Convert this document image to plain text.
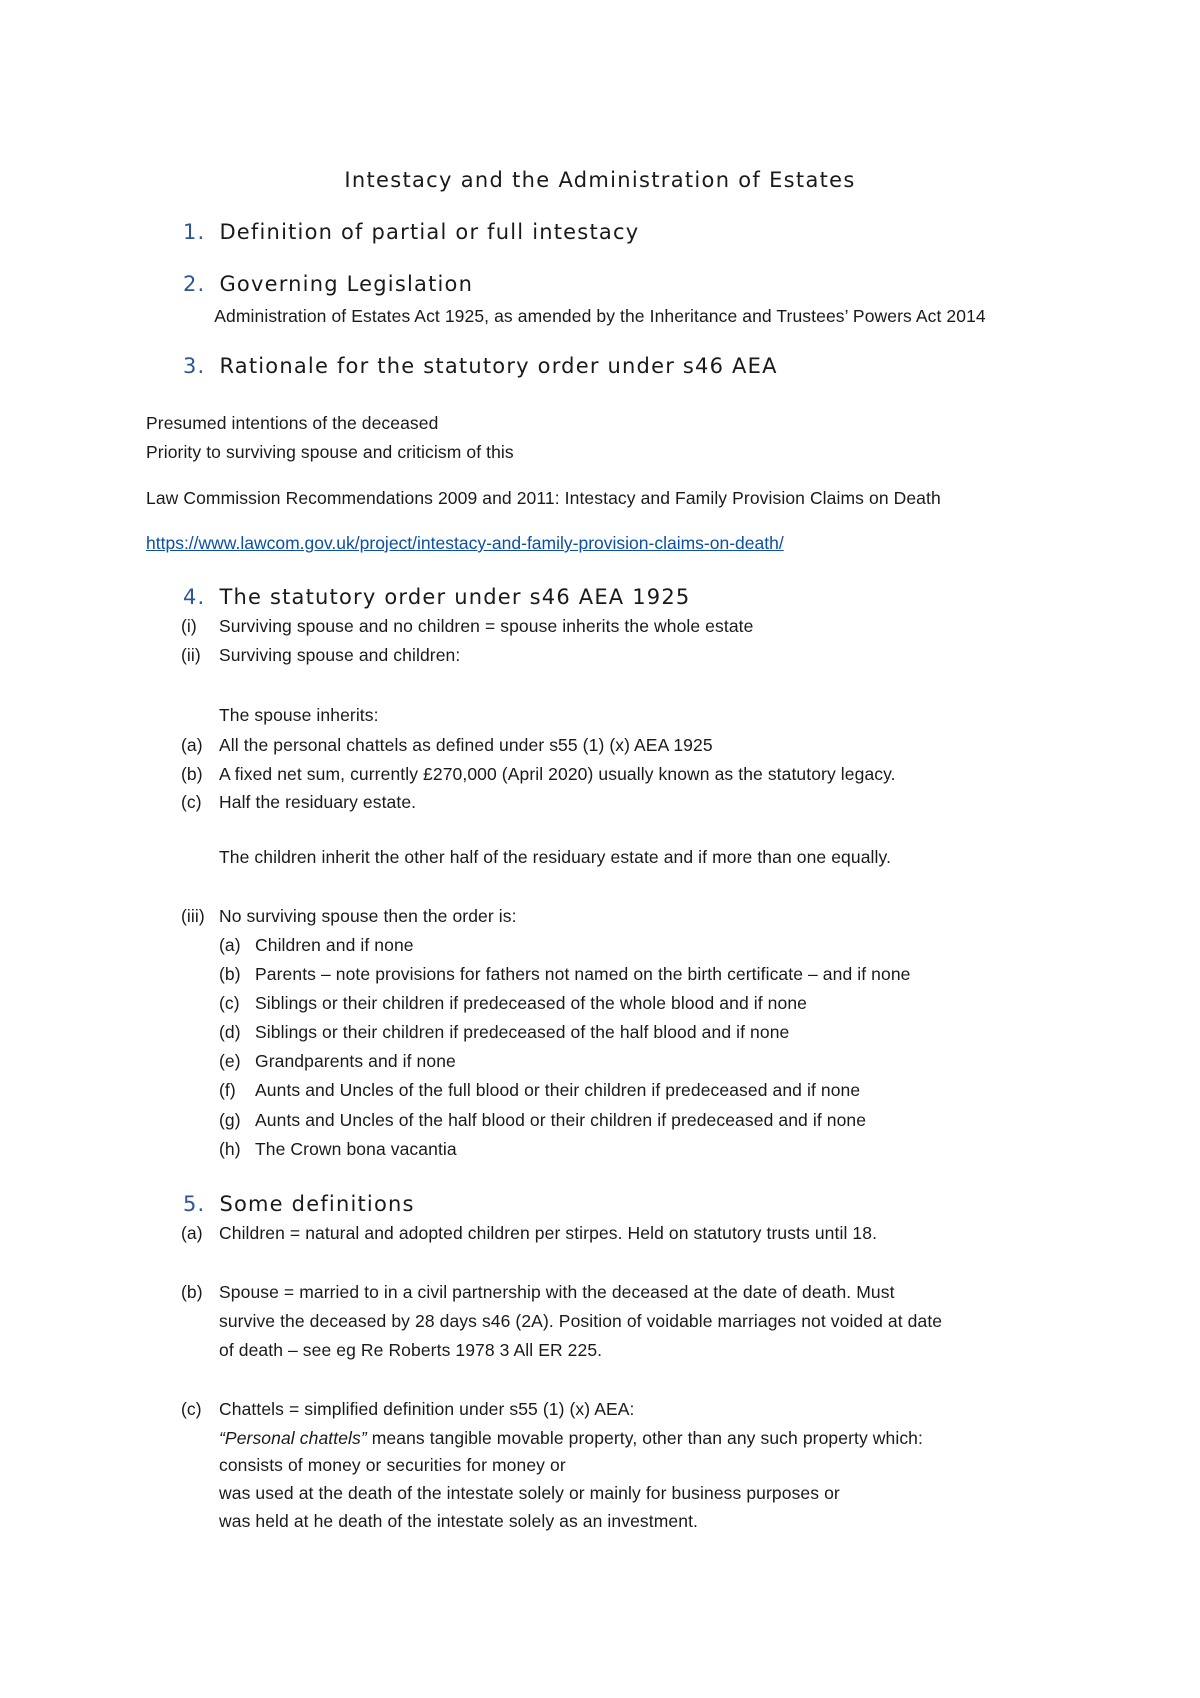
Intestacy and the Administration of Estates
1. Definition of partial or full intestacy
2. Governing Legislation
Administration of Estates Act 1925, as amended by the Inheritance and Trustees’ Powers Act 2014
3. Rationale for the statutory order under s46 AEA
Presumed intentions of the deceased
Priority to surviving spouse and criticism of this
Law Commission Recommendations 2009 and 2011: Intestacy and Family Provision Claims on Death
https://www.lawcom.gov.uk/project/intestacy-and-family-provision-claims-on-death/
4. The statutory order under s46 AEA 1925
(i) Surviving spouse and no children = spouse inherits the whole estate
(ii) Surviving spouse and children:
The spouse inherits:
(a) All the personal chattels as defined under s55 (1) (x) AEA 1925
(b) A fixed net sum, currently £270,000 (April 2020) usually known as the statutory legacy.
(c) Half the residuary estate.
The children inherit the other half of the residuary estate and if more than one equally.
(iii) No surviving spouse then the order is:
(a) Children and if none
(b) Parents – note provisions for fathers not named on the birth certificate – and if none
(c) Siblings or their children if predeceased of the whole blood and if none
(d) Siblings or their children if predeceased of the half blood and if none
(e) Grandparents and if none
(f) Aunts and Uncles of the full blood or their children if predeceased and if none
(g) Aunts and Uncles of the half blood or their children if predeceased and if none
(h) The Crown bona vacantia
5. Some definitions
(a) Children = natural and adopted children per stirpes. Held on statutory trusts until 18.
(b) Spouse = married to in a civil partnership with the deceased at the date of death. Must
survive the deceased by 28 days s46 (2A). Position of voidable marriages not voided at date
of death – see eg Re Roberts 1978 3 All ER 225.
(c) Chattels = simplified definition under s55 (1) (x) AEA:
“Personal chattels” means tangible movable property, other than any such property which:
consists of money or securities for money or
was used at the death of the intestate solely or mainly for business purposes or
was held at he death of the intestate solely as an investment.
